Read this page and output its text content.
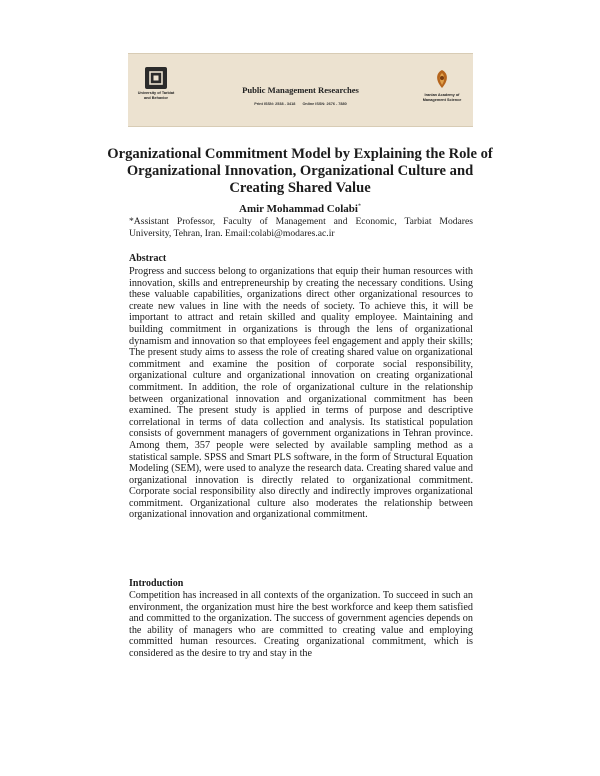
University of Tarbiat and Behavior
Public Management Researches
Print ISSN: 2538 - 3418 Online ISSN: 2676 - 7880
Iranian Academy of Management Science
Organizational Commitment Model by Explaining the Role of Organizational Innovation, Organizational Culture and Creating Shared Value
Amir Mohammad Colabi*
*Assistant Professor, Faculty of Management and Economic, Tarbiat Modares University, Tehran, Iran. Email:colabi@modares.ac.ir
Abstract

Progress and success belong to organizations that equip their human resources with innovation, skills and entrepreneurship by creating the necessary conditions. Using these valuable capabilities, organizations direct other organizational resources to create new values in line with the needs of society. To achieve this, it will be important to attract and retain skilled and quality employee. Maintaining and building commitment in organizations is through the lens of organizational dynamism and innovation so that employees feel engagement and apply their skills; The present study aims to assess the role of creating shared value on organizational commitment and examine the position of corporate social responsibility, organizational culture and organizational innovation on creating organizational commitment. In addition, the role of organizational culture in the relationship between organizational innovation and organizational commitment has been examined. The present study is applied in terms of purpose and descriptive correlational in terms of data collection and analysis. Its statistical population consists of government managers of government organizations in Tehran province. Among them, 357 people were selected by available sampling method as a statistical sample. SPSS and Smart PLS software, in the form of Structural Equation Modeling (SEM), were used to analyze the research data. Creating shared value and organizational innovation is directly related to organizational commitment. Corporate social responsibility also directly and indirectly improves organizational commitment. Organizational culture also moderates the relationship between organizational innovation and organizational commitment.

Introduction

Competition has increased in all contexts of the organization. To succeed in such an environment, the organization must hire the best workforce and keep them satisfied and committed to the organization. The success of government agencies depends on the ability of managers who are committed to creating value and employing committed human resources. Creating organizational commitment, which is considered as the desire to try and stay in the
